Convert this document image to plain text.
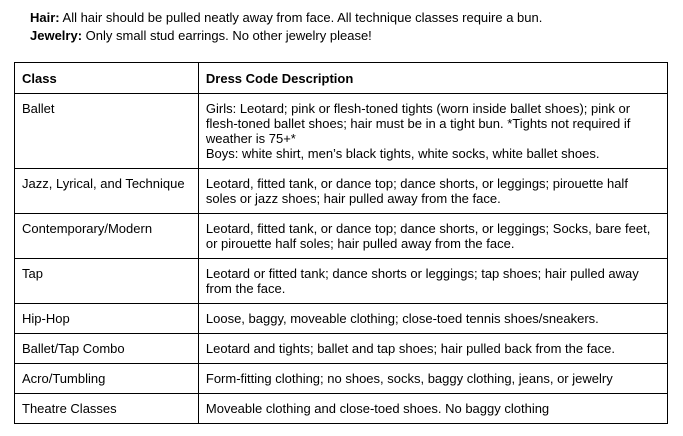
Hair: All hair should be pulled neatly away from face. All technique classes require a bun.
Jewelry: Only small stud earrings. No other jewelry please!
Class	Dress Code Description
Ballet	Girls: Leotard; pink or flesh-toned tights (worn inside ballet shoes); pink or flesh-toned ballet shoes; hair must be in a tight bun. *Tights not required if weather is 75+*
Boys: white shirt, men’s black tights, white socks, white ballet shoes.

Jazz, Lyrical, and Technique	Leotard, fitted tank, or dance top; dance shorts, or leggings; pirouette half soles or jazz shoes; hair pulled away from the face.
Contemporary/Modern	Leotard, fitted tank, or dance top; dance shorts, or leggings; Socks, bare feet, or pirouette half soles; hair pulled away from the face.
Tap	Leotard or fitted tank; dance shorts or leggings; tap shoes; hair pulled away from the face.
Hip-Hop	Loose, baggy, moveable clothing; close-toed tennis shoes/sneakers.
Ballet/Tap Combo	Leotard and tights; ballet and tap shoes; hair pulled back from the face.
Acro/Tumbling	Form-fitting clothing; no shoes, socks, baggy clothing, jeans, or jewelry
Theatre Classes	Moveable clothing and close-toed shoes. No baggy clothing
